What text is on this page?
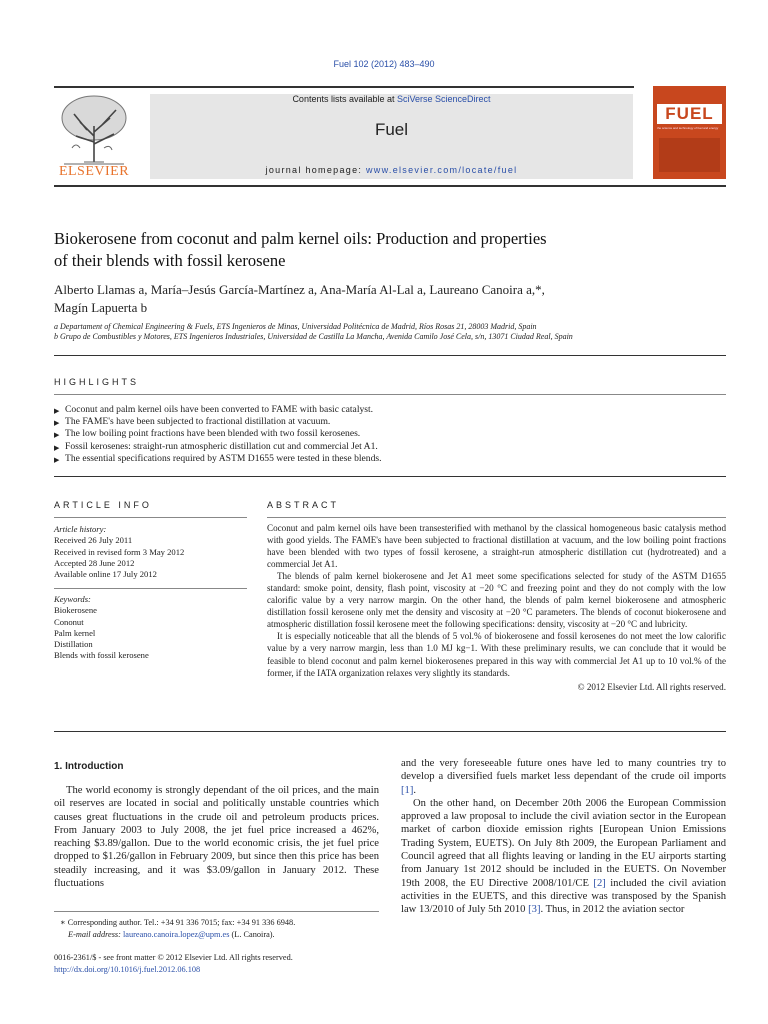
Fuel 102 (2012) 483–490
ELSEVIER
Contents lists available at SciVerse ScienceDirect
Fuel
journal homepage: www.elsevier.com/locate/fuel
FUEL
the science and technology of fuel and energy
Biokerosene from coconut and palm kernel oils: Production and properties
of their blends with fossil kerosene
Alberto Llamas a, María–Jesús García-Martínez a, Ana-María Al-Lal a, Laureano Canoira a,*,
Magín Lapuerta b
a Departament of Chemical Engineering & Fuels, ETS Ingenieros de Minas, Universidad Politécnica de Madrid, Ríos Rosas 21, 28003 Madrid, Spain
b Grupo de Combustibles y Motores, ETS Ingenieros Industriales, Universidad de Castilla La Mancha, Avenida Camilo José Cela, s/n, 13071 Ciudad Real, Spain
HIGHLIGHTS
▶ Coconut and palm kernel oils have been converted to FAME with basic catalyst.
▶ The FAME's have been subjected to fractional distillation at vacuum.
▶ The low boiling point fractions have been blended with two fossil kerosenes.
▶ Fossil kerosenes: straight-run atmospheric distillation cut and commercial Jet A1.
▶ The essential specifications required by ASTM D1655 were tested in these blends.
ARTICLE INFO
Article history:
Received 26 July 2011
Received in revised form 3 May 2012
Accepted 28 June 2012
Available online 17 July 2012
Keywords:
Biokerosene
Cononut
Palm kernel
Distillation
Blends with fossil kerosene
ABSTRACT

Coconut and palm kernel oils have been transesterified with methanol by the classical homogeneous basic catalysis method with good yields. The FAME's have been subjected to fractional distillation at vacuum, and the low boiling point fractions have been blended with two types of fossil kerosene, a straight-run atmospheric distillation cut (hydrotreated) and a commercial Jet A1.

The blends of palm kernel biokerosene and Jet A1 meet some specifications selected for study of the ASTM D1655 standard: smoke point, density, flash point, viscosity at −20 °C and freezing point and they do not comply with the low calorific value by a very narrow margin. On the other hand, the blends of palm kernel biokerosene and atmospheric distillation fossil kerosene only met the density and viscosity at −20 °C parameters. The blends of coconut biokerosene and atmospheric distillation fossil kerosene meet the following specifications: density, viscosity at −20 °C and lubricity.

It is especially noticeable that all the blends of 5 vol.% of biokerosene and fossil kerosenes do not meet the low calorific value by a very narrow margin, less than 1.0 MJ kg−1. With these preliminary results, we can conclude that it would be feasible to blend coconut and palm kernel biokerosenes prepared in this way with commercial Jet A1 up to 10 vol.% of the former, if the IATA organization relaxes very slightly its standards.

© 2012 Elsevier Ltd. All rights reserved.
1. Introduction

The world economy is strongly dependant of the oil prices, and the main oil reserves are located in social and politically unstable countries which causes great fluctuations in the crude oil and petroleum products prices. From January 2003 to July 2008, the jet fuel price increased a 462%, reaching $3.89/gallon. Due to the world economic crisis, the jet fuel price dropped to $1.26/gallon in February 2009, but since then this price has been steadily increasing, and it was $3.09/gallon in January 2012. These fluctuations

and the very foreseeable future ones have led to many countries try to develop a diversified fuels market less dependant of the crude oil imports [1].

On the other hand, on December 20th 2006 the European Commission approved a law proposal to include the civil aviation sector in the European market of carbon dioxide emission rights [European Union Emissions Trading System, EUETS). On July 8th 2009, the European Parliament and Council agreed that all flights leaving or landing in the EU airports starting from January 1st 2012 should be included in the EUETS. On November 19th 2008, the EU Directive 2008/101/CE [2] included the civil aviation activities in the EUETS, and this directive was transposed by the Spanish law 13/2010 of July 5th 2010 [3]. Thus, in 2012 the aviation sector

∗ Corresponding author. Tel.: +34 91 336 7015; fax: +34 91 336 6948.
E-mail address: laureano.canoira.lopez@upm.es (L. Canoira).
0016-2361/$ - see front matter © 2012 Elsevier Ltd. All rights reserved.
http://dx.doi.org/10.1016/j.fuel.2012.06.108
